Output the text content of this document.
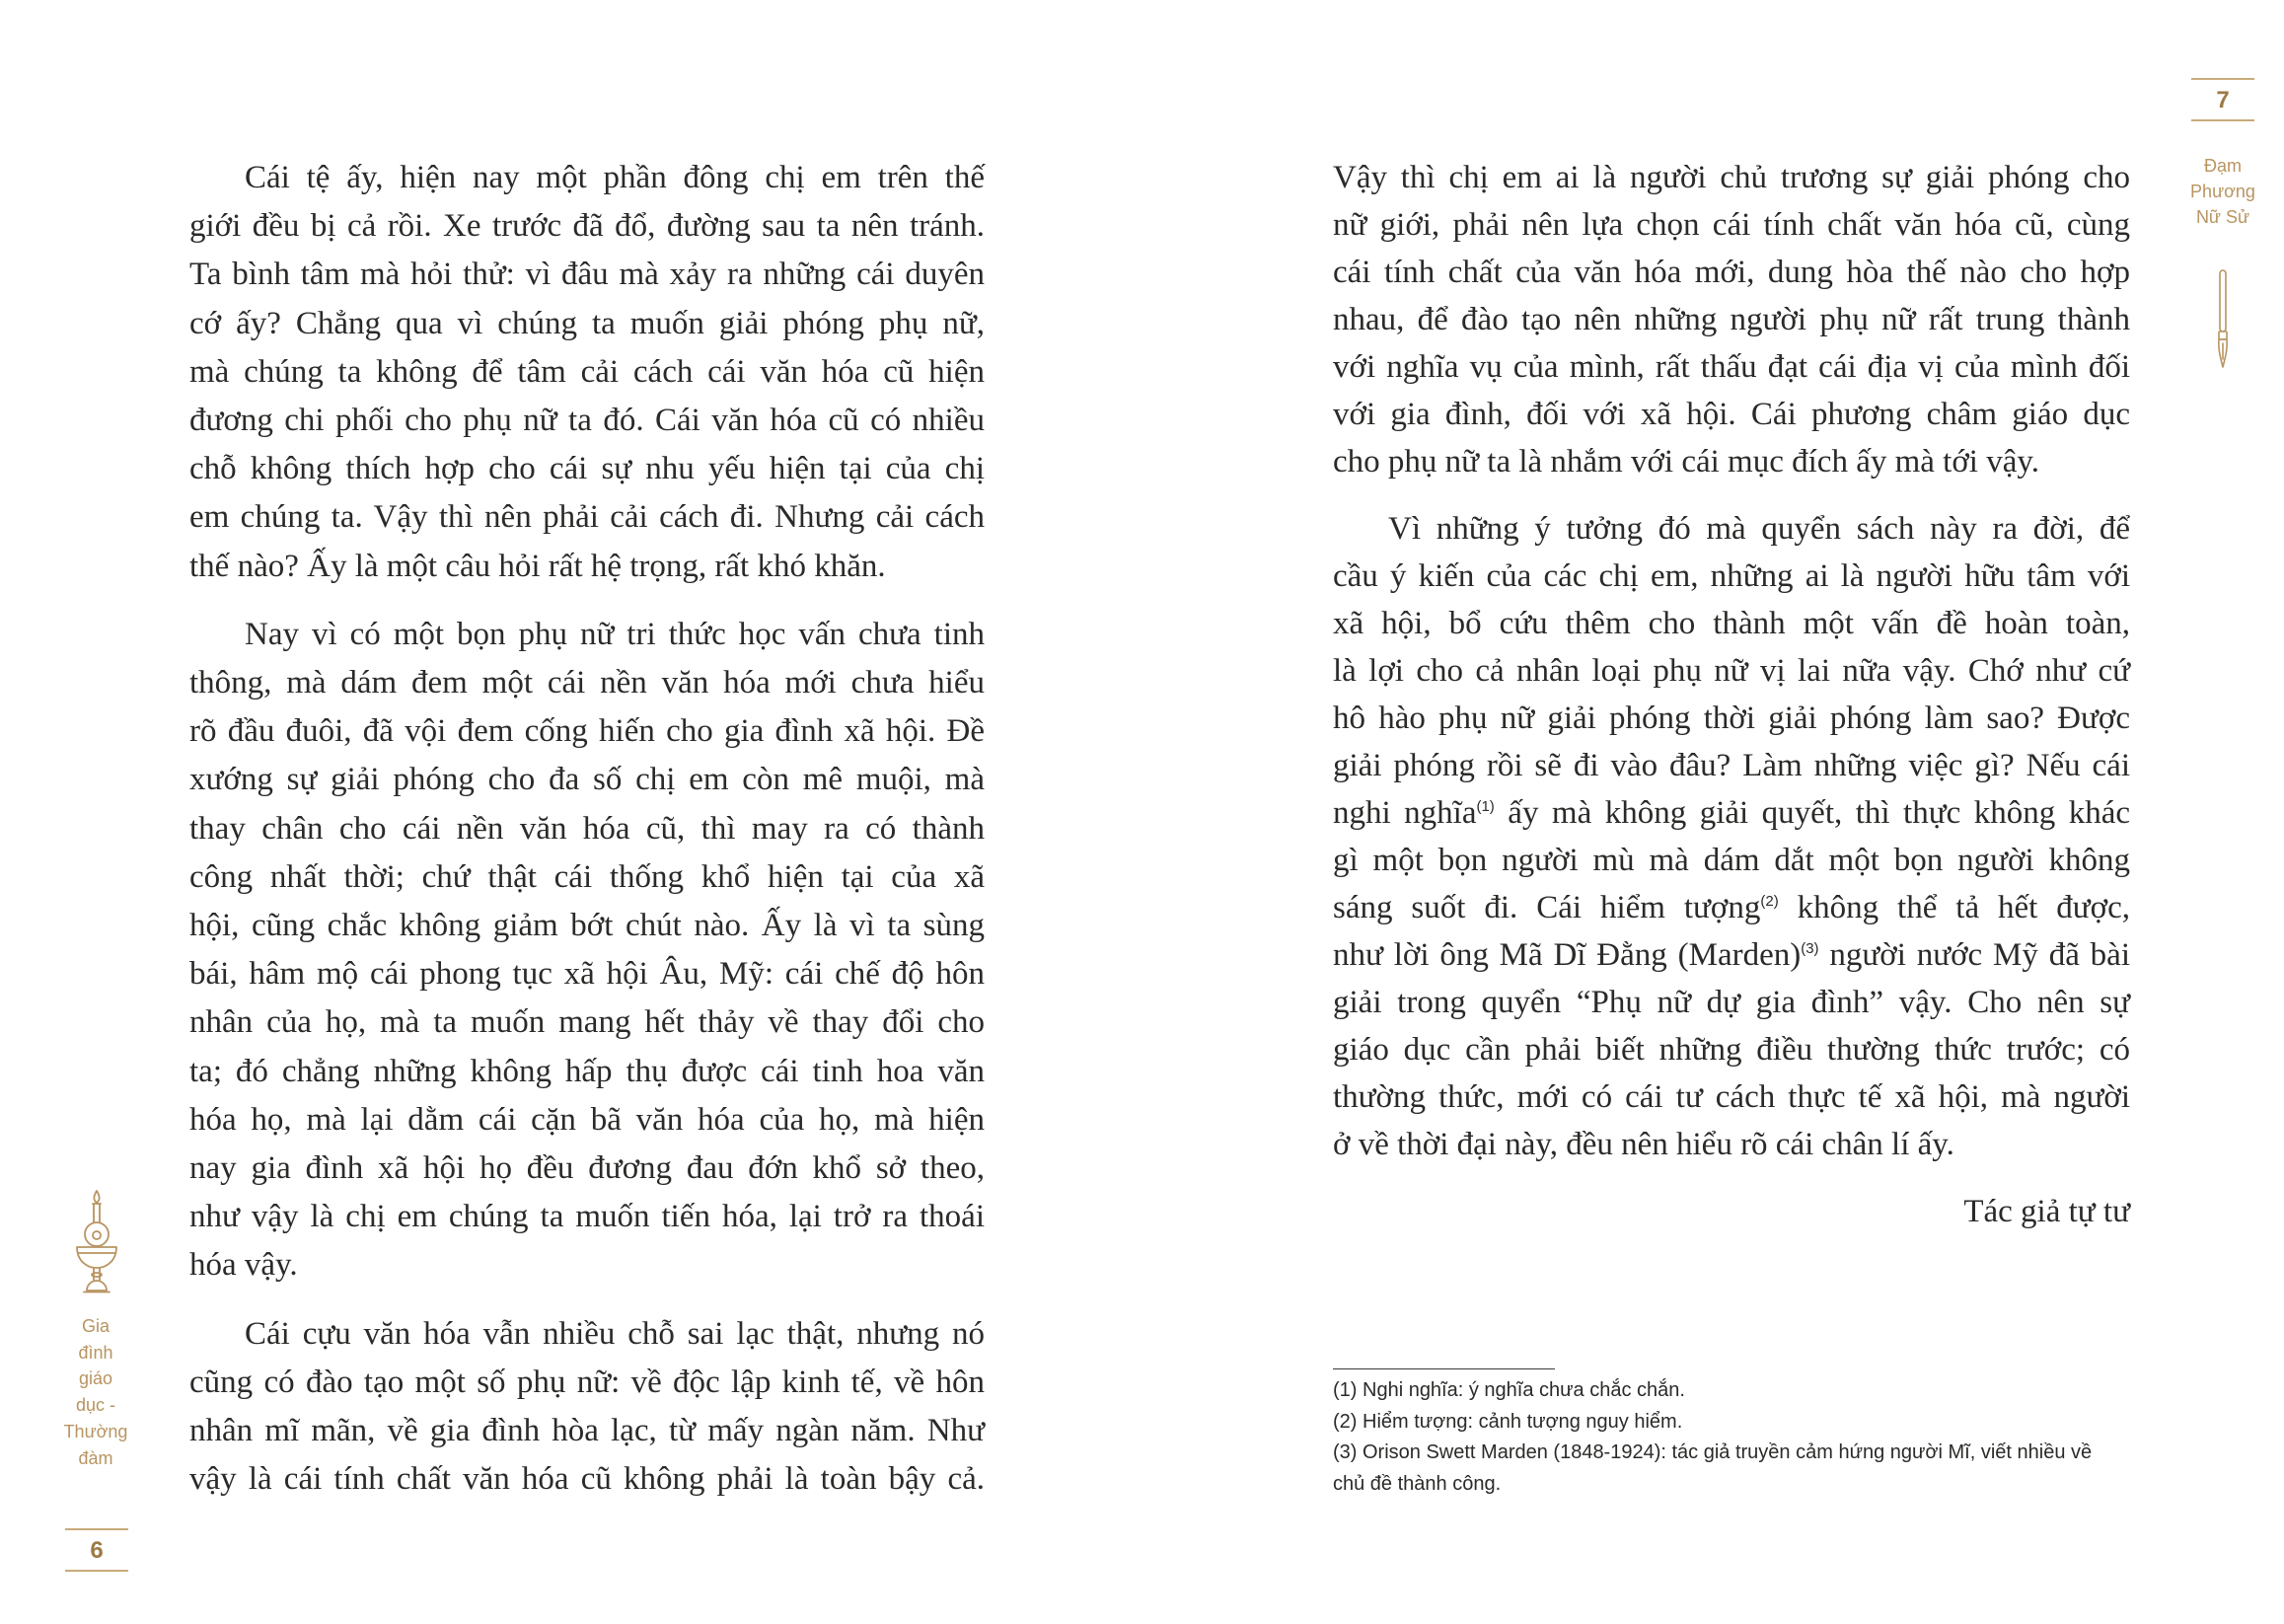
Cái tệ ấy, hiện nay một phần đông chị em trên thế
giới đều bị cả rồi. Xe trước đã đổ, đường sau ta nên tránh.
Ta bình tâm mà hỏi thử: vì đâu mà xảy ra những cái duyên
cớ ấy? Chẳng qua vì chúng ta muốn giải phóng phụ nữ,
mà chúng ta không để tâm cải cách cái văn hóa cũ hiện
đương chi phối cho phụ nữ ta đó. Cái văn hóa cũ có nhiều
chỗ không thích hợp cho cái sự nhu yếu hiện tại của chị
em chúng ta. Vậy thì nên phải cải cách đi. Nhưng cải cách
thế nào? Ấy là một câu hỏi rất hệ trọng, rất khó khăn.
Nay vì có một bọn phụ nữ tri thức học vấn chưa tinh
thông, mà dám đem một cái nền văn hóa mới chưa hiểu
rõ đầu đuôi, đã vội đem cống hiến cho gia đình xã hội. Đề
xướng sự giải phóng cho đa số chị em còn mê muội, mà
thay chân cho cái nền văn hóa cũ, thì may ra có thành
công nhất thời; chứ thật cái thống khổ hiện tại của xã
hội, cũng chắc không giảm bớt chút nào. Ấy là vì ta sùng
bái, hâm mộ cái phong tục xã hội Âu, Mỹ: cái chế độ hôn
nhân của họ, mà ta muốn mang hết thảy về thay đổi cho
ta; đó chẳng những không hấp thụ được cái tinh hoa văn
hóa họ, mà lại dằm cái cặn bã văn hóa của họ, mà hiện
nay gia đình xã hội họ đều đương đau đớn khổ sở theo,
như vậy là chị em chúng ta muốn tiến hóa, lại trở ra thoái
hóa vậy.
Cái cựu văn hóa vẫn nhiều chỗ sai lạc thật, nhưng nó
cũng có đào tạo một số phụ nữ: về độc lập kinh tế, về hôn
nhân mĩ mãn, về gia đình hòa lạc, từ mấy ngàn năm. Như
vậy là cái tính chất văn hóa cũ không phải là toàn bậy cả.
Gia đình giáo dục - Thường đàm
6
Vậy thì chị em ai là người chủ trương sự giải phóng cho
nữ giới, phải nên lựa chọn cái tính chất văn hóa cũ, cùng
cái tính chất của văn hóa mới, dung hòa thế nào cho hợp
nhau, để đào tạo nên những người phụ nữ rất trung thành
với nghĩa vụ của mình, rất thấu đạt cái địa vị của mình đối
với gia đình, đối với xã hội. Cái phương châm giáo dục
cho phụ nữ ta là nhắm với cái mục đích ấy mà tới vậy.
Vì những ý tưởng đó mà quyển sách này ra đời, để
cầu ý kiến của các chị em, những ai là người hữu tâm với
xã hội, bổ cứu thêm cho thành một vấn đề hoàn toàn,
là lợi cho cả nhân loại phụ nữ vị lai nữa vậy. Chớ như cứ
hô hào phụ nữ giải phóng thời giải phóng làm sao? Được
giải phóng rồi sẽ đi vào đâu? Làm những việc gì? Nếu cái
nghi nghĩa$^{(1)}$ ấy mà không giải quyết, thì thực không khác
gì một bọn người mù mà dám dắt một bọn người không
sáng suốt đi. Cái hiểm tượng$^{(2)}$ không thể tả hết được,
như lời ông Mã Dĩ Đằng (Marden)$^{(3)}$ người nước Mỹ đã bài
giải trong quyển “Phụ nữ dự gia đình” vậy. Cho nên sự
giáo dục cần phải biết những điều thường thức trước; có
thường thức, mới có cái tư cách thực tế xã hội, mà người
ở về thời đại này, đều nên hiểu rõ cái chân lí ấy.
Tác giả tự tư
(1) Nghi nghĩa: ý nghĩa chưa chắc chắn.
(2) Hiểm tượng: cảnh tượng nguy hiểm.
(3) Orison Swett Marden (1848-1924): tác giả truyền cảm hứng người Mĩ, viết nhiều về chủ đề thành công.
7
Đạm Phương Nữ Sử
